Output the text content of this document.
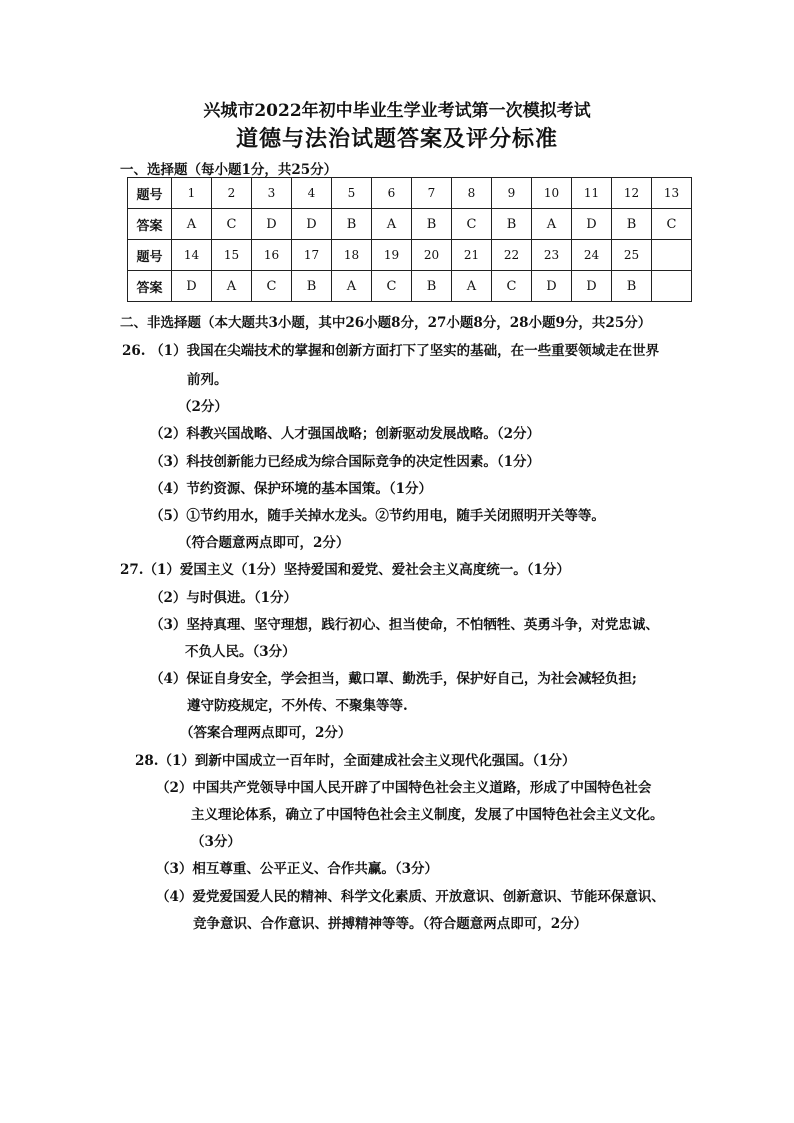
兴城市2022年初中毕业生学业考试第一次模拟考试
道德与法治试题答案及评分标准
一、选择题（每小题1分，共25分）
题号	1	2	3	4	5	6	7	8	9	10	11	12	13
答案	A	C	D	D	B	A	B	C	B	A	D	B	C
题号	14	15	16	17	18	19	20	21	22	23	24	25	
答案	D	A	C	B	A	C	B	A	C	D	D	B	
二、非选择题（本大题共3小题，其中26小题8分，27小题8分，28小题9分，共25分）
26. （1）我国在尖端技术的掌握和创新方面打下了坚实的基础，在一些重要领域走在世界
前列。
（2分）
（2）科教兴国战略、人才强国战略；创新驱动发展战略。（2分）
（3）科技创新能力已经成为综合国际竞争的决定性因素。（1分）
（4）节约资源、保护环境的基本国策。（1分）
（5）①节约用水，随手关掉水龙头。②节约用电，随手关闭照明开关等等。
（符合题意两点即可，2分）
27.（1）爱国主义（1分）坚持爱国和爱党、爱社会主义高度统一。（1分）
（2）与时俱进。（1分）
（3）坚持真理、坚守理想，践行初心、担当使命，不怕牺牲、英勇斗争，对党忠诚、
不负人民。（3分）
（4）保证自身安全，学会担当，戴口罩、勤洗手，保护好自己，为社会减轻负担;
遵守防疫规定，不外传、不聚集等等.
（答案合理两点即可，2分）
28.（1）到新中国成立一百年时，全面建成社会主义现代化强国。（1分）
（2）中国共产党领导中国人民开辟了中国特色社会主义道路，形成了中国特色社会
主义理论体系，确立了中国特色社会主义制度，发展了中国特色社会主义文化。
（3分）
（3）相互尊重、公平正义、合作共赢。（3分）
（4）爱党爱国爱人民的精神、科学文化素质、开放意识、创新意识、节能环保意识、
竞争意识、合作意识、拼搏精神等等。（符合题意两点即可，2分）
